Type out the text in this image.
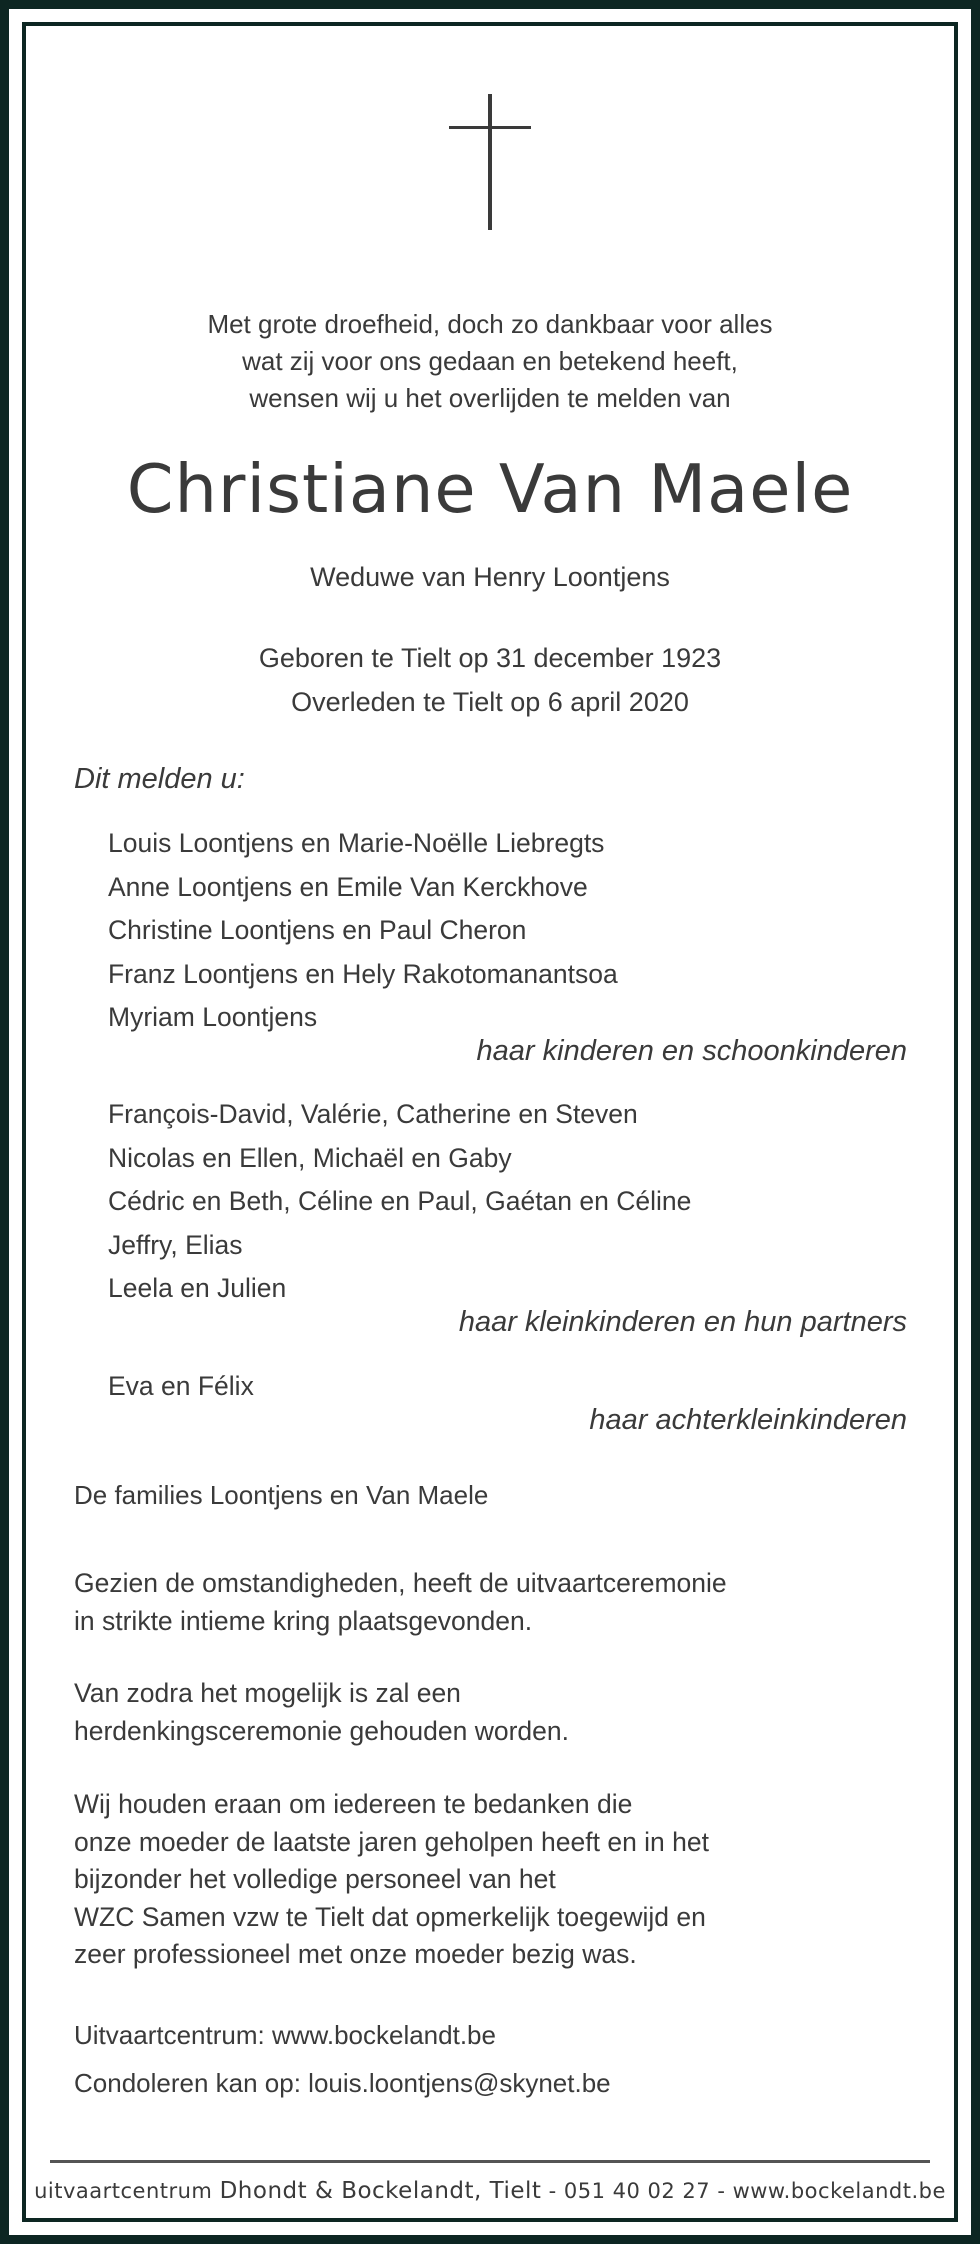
Met grote droefheid, doch zo dankbaar voor alles
wat zij voor ons gedaan en betekend heeft,
wensen wij u het overlijden te melden van
Christiane Van Maele
Weduwe van Henry Loontjens
Geboren te Tielt op 31 december 1923
Overleden te Tielt op 6 april 2020
Dit melden u:
Louis Loontjens en Marie-Noëlle Liebregts
Anne Loontjens en Emile Van Kerckhove
Christine Loontjens en Paul Cheron
Franz Loontjens en Hely Rakotomanantsoa
Myriam Loontjens
haar kinderen en schoonkinderen
François-David, Valérie, Catherine en Steven
Nicolas en Ellen, Michaël en Gaby
Cédric en Beth, Céline en Paul, Gaétan en Céline
Jeffry, Elias
Leela en Julien
haar kleinkinderen en hun partners
Eva en Félix
haar achterkleinkinderen
De families Loontjens en Van Maele

Gezien de omstandigheden, heeft de uitvaartceremonie
in strikte intieme kring plaatsgevonden.

Van zodra het mogelijk is zal een
herdenkingsceremonie gehouden worden.

Wij houden eraan om iedereen te bedanken die
onze moeder de laatste jaren geholpen heeft en in het
bijzonder het volledige personeel van het
WZC Samen vzw te Tielt dat opmerkelijk toegewijd en
zeer professioneel met onze moeder bezig was.

Uitvaartcentrum: www.bockelandt.be
Condoleren kan op: louis.loontjens@skynet.be
uitvaartcentrum Dhondt & Bockelandt, Tielt - 051 40 02 27 - www.bockelandt.be
